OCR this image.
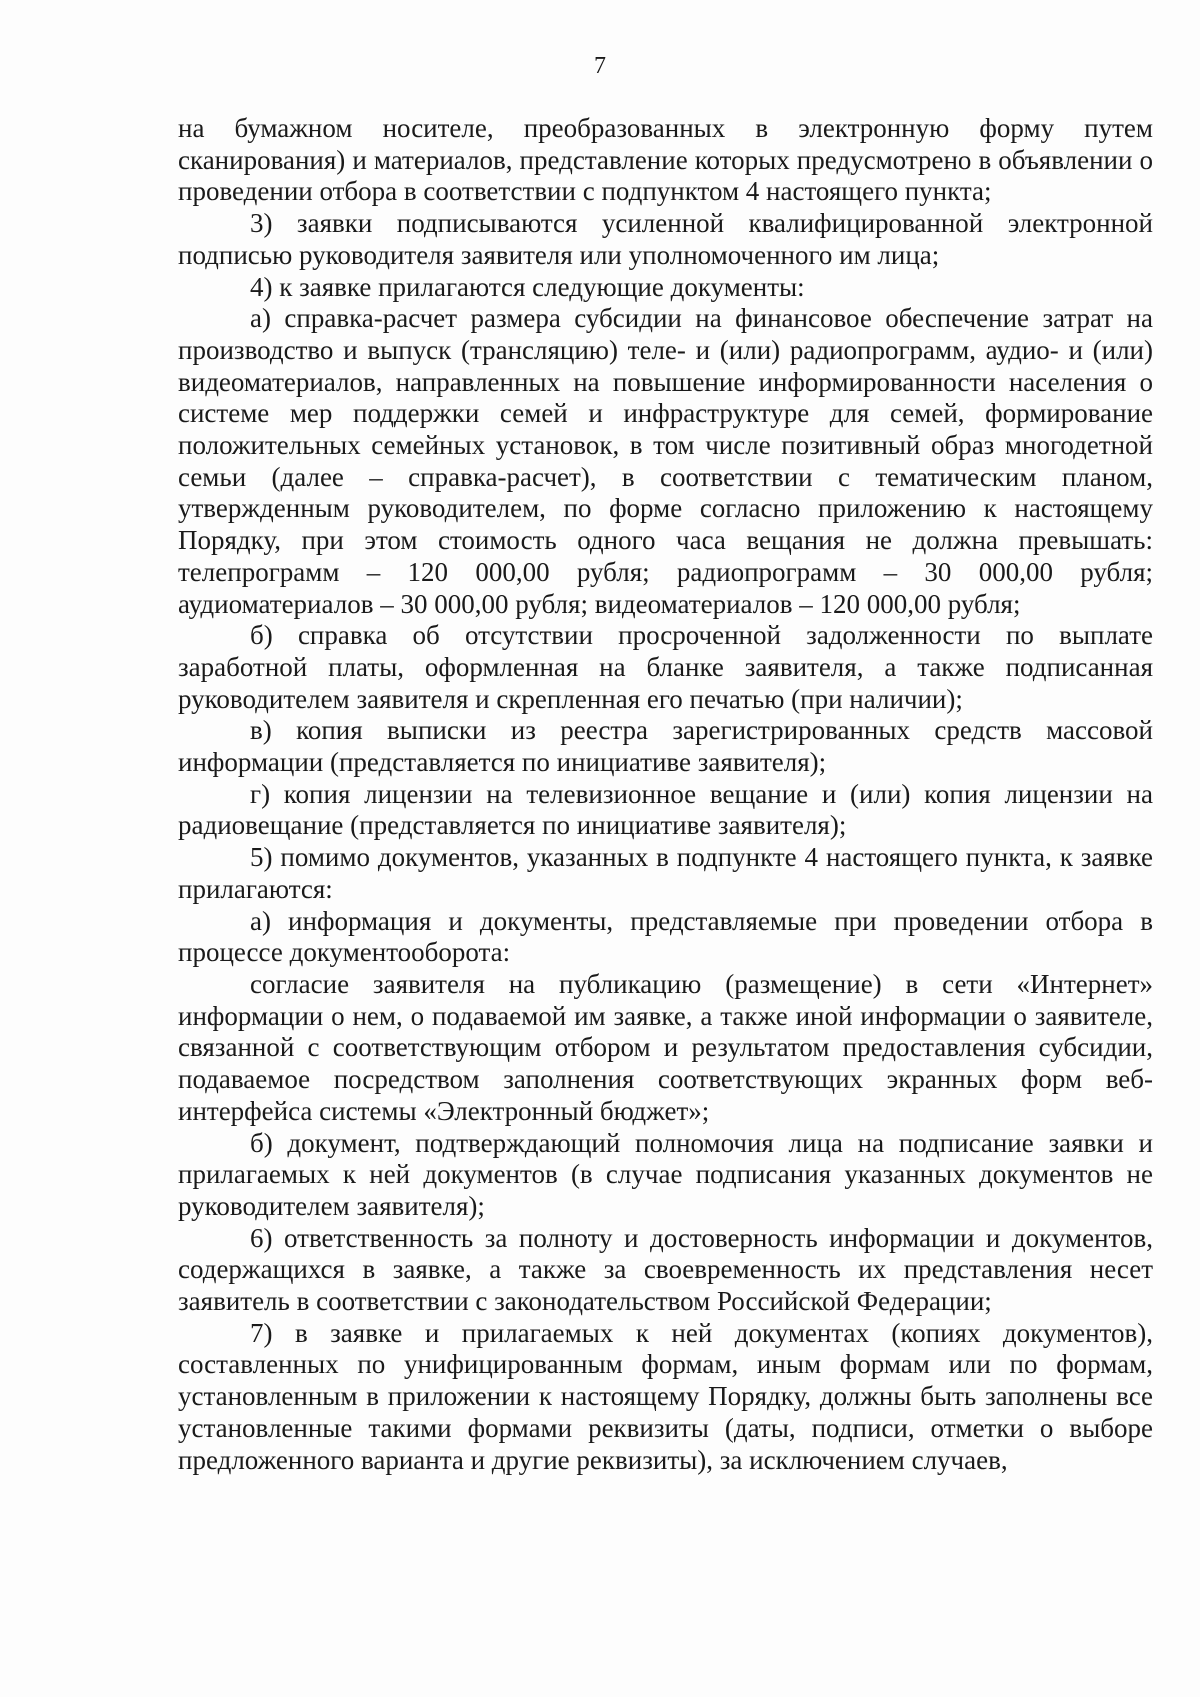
7

на бумажном носителе, преобразованных в электронную форму путем сканирования) и материалов, представление которых предусмотрено в объявлении о проведении отбора в соответствии с подпунктом 4 настоящего пункта;

3) заявки подписываются усиленной квалифицированной электронной подписью руководителя заявителя или уполномоченного им лица;

4) к заявке прилагаются следующие документы:

а) справка-расчет размера субсидии на финансовое обеспечение затрат на производство и выпуск (трансляцию) теле- и (или) радиопрограмм, аудио- и (или) видеоматериалов, направленных на повышение информированности населения о системе мер поддержки семей и инфраструктуре для семей, формирование положительных семейных установок, в том числе позитивный образ многодетной семьи (далее – справка-расчет), в соответствии с тематическим планом, утвержденным руководителем, по форме согласно приложению к настоящему Порядку, при этом стоимость одного часа вещания не должна превышать: телепрограмм – 120 000,00 рубля; радиопрограмм – 30 000,00 рубля; аудиоматериалов – 30 000,00 рубля; видеоматериалов – 120 000,00 рубля;

б) справка об отсутствии просроченной задолженности по выплате заработной платы, оформленная на бланке заявителя, а также подписанная руководителем заявителя и скрепленная его печатью (при наличии);

в) копия выписки из реестра зарегистрированных средств массовой информации (представляется по инициативе заявителя);

г) копия лицензии на телевизионное вещание и (или) копия лицензии на радиовещание (представляется по инициативе заявителя);

5) помимо документов, указанных в подпункте 4 настоящего пункта, к заявке прилагаются:

а) информация и документы, представляемые при проведении отбора в процессе документооборота:

согласие заявителя на публикацию (размещение) в сети «Интернет» информации о нем, о подаваемой им заявке, а также иной информации о заявителе, связанной с соответствующим отбором и результатом предоставления субсидии, подаваемое посредством заполнения соответствующих экранных форм веб-интерфейса системы «Электронный бюджет»;

б) документ, подтверждающий полномочия лица на подписание заявки и прилагаемых к ней документов (в случае подписания указанных документов не руководителем заявителя);

6) ответственность за полноту и достоверность информации и документов, содержащихся в заявке, а также за своевременность их представления несет заявитель в соответствии с законодательством Российской Федерации;

7) в заявке и прилагаемых к ней документах (копиях документов), составленных по унифицированным формам, иным формам или по формам, установленным в приложении к настоящему Порядку, должны быть заполнены все установленные такими формами реквизиты (даты, подписи, отметки о выборе предложенного варианта и другие реквизиты), за исключением случаев,
